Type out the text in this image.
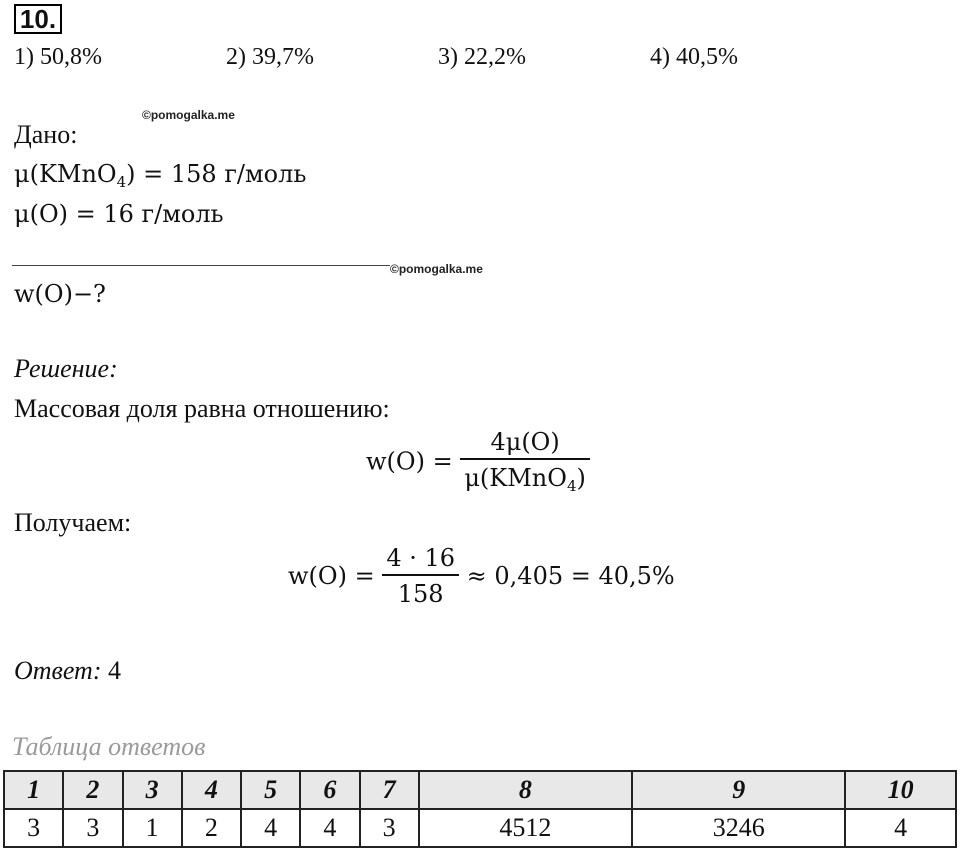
10.
1) 50,8%	2) 39,7%	3) 22,2%	4) 40,5%
©pomogalka.me
Дано:
μ(KMnO$_4$) = 158 г/моль
μ(O) = 16 г/моль
©pomogalka.me
w(O)−?
Решение:
Массовая доля равна отношению:
$w(O) = \frac{4\mu(O)}{\mu(KMnO_4)}$
Получаем:
$w(O) = \frac{4 \cdot 16}{158} \approx 0,405 = 40,5\%$
Ответ: 4
Таблица ответов
1	2	3	4	5	6	7	8	9	10
3	3	1	2	4	4	3	4512	3246	4
